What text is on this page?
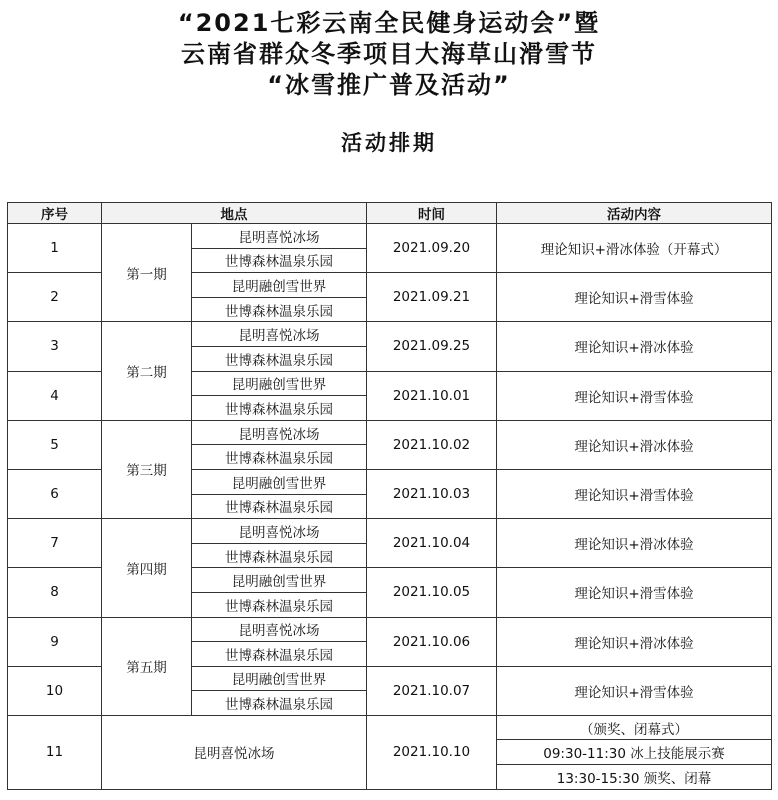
“2021七彩云南全民健身运动会”暨
云南省群众冬季项目大海草山滑雪节
“冰雪推广普及活动”
活动排期
序号	地点		时间	活动内容
1	第一期	昆明喜悦冰场	2021.09.20	理论知识+滑冰体验（开幕式）
		世博森林温泉乐园		
2		昆明融创雪世界	2021.09.21	理论知识+滑雪体验
		世博森林温泉乐园		
3	第二期	昆明喜悦冰场	2021.09.25	理论知识+滑冰体验
		世博森林温泉乐园		
4		昆明融创雪世界	2021.10.01	理论知识+滑雪体验
		世博森林温泉乐园		
5	第三期	昆明喜悦冰场	2021.10.02	理论知识+滑冰体验
		世博森林温泉乐园		
6		昆明融创雪世界	2021.10.03	理论知识+滑雪体验
		世博森林温泉乐园		
7	第四期	昆明喜悦冰场	2021.10.04	理论知识+滑冰体验
		世博森林温泉乐园		
8		昆明融创雪世界	2021.10.05	理论知识+滑雪体验
		世博森林温泉乐园		
9	第五期	昆明喜悦冰场	2021.10.06	理论知识+滑冰体验
		世博森林温泉乐园		
10		昆明融创雪世界	2021.10.07	理论知识+滑雪体验
		世博森林温泉乐园		
11	昆明喜悦冰场		2021.10.10	（颁奖、闭幕式）
				09:30-11:30 冰上技能展示赛
				13:30-15:30 颁奖、闭幕
